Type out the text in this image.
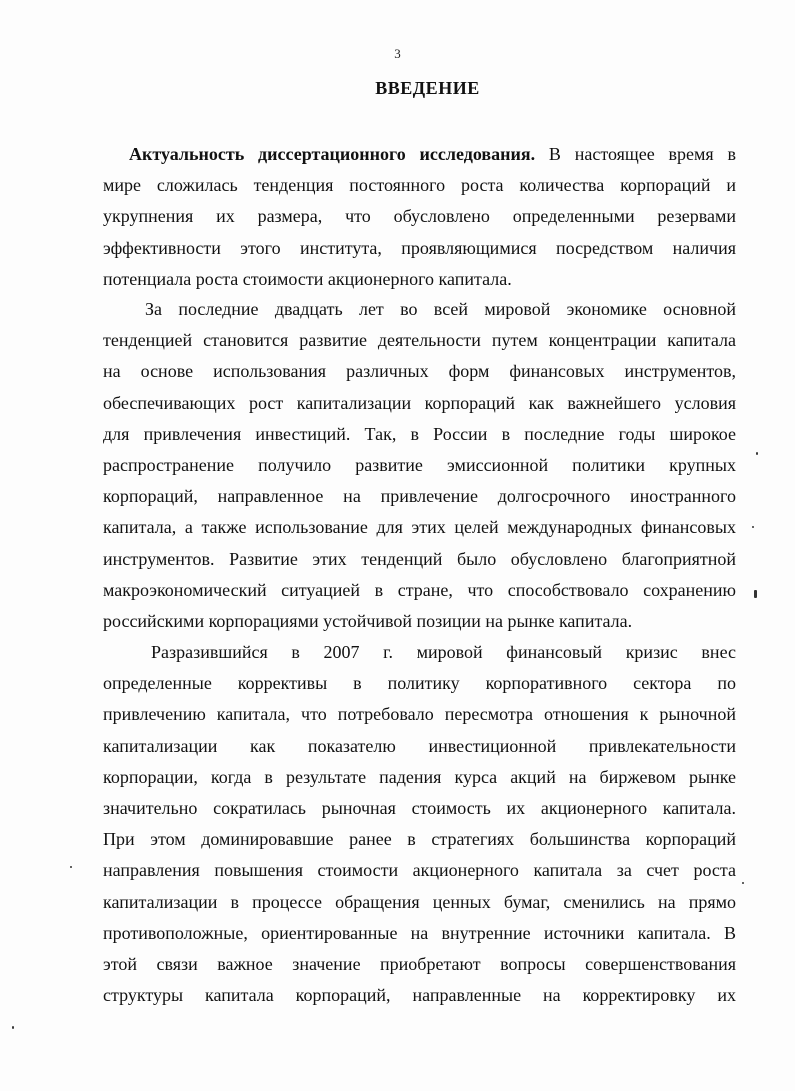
3
ВВЕДЕНИЕ
Актуальность диссертационного исследования. В настоящее время в
мире сложилась тенденция постоянного роста количества корпораций и
укрупнения их размера, что обусловлено определенными резервами
эффективности этого института, проявляющимися посредством наличия
потенциала роста стоимости акционерного капитала.
За последние двадцать лет во всей мировой экономике основной
тенденцией становится развитие деятельности путем концентрации капитала
на основе использования различных форм финансовых инструментов,
обеспечивающих рост капитализации корпораций как важнейшего условия
для привлечения инвестиций. Так, в России в последние годы широкое
распространение получило развитие эмиссионной политики крупных
корпораций, направленное на привлечение долгосрочного иностранного
капитала, а также использование для этих целей международных финансовых
инструментов. Развитие этих тенденций было обусловлено благоприятной
макроэкономический ситуацией в стране, что способствовало сохранению
российскими корпорациями устойчивой позиции на рынке капитала.
Разразившийся в 2007 г. мировой финансовый кризис внес
определенные коррективы в политику корпоративного сектора по
привлечению капитала, что потребовало пересмотра отношения к рыночной
капитализации как показателю инвестиционной привлекательности
корпорации, когда в результате падения курса акций на биржевом рынке
значительно сократилась рыночная стоимость их акционерного капитала.
При этом доминировавшие ранее в стратегиях большинства корпораций
направления повышения стоимости акционерного капитала за счет роста
капитализации в процессе обращения ценных бумаг, сменились на прямо
противоположные, ориентированные на внутренние источники капитала. В
этой связи важное значение приобретают вопросы совершенствования
структуры капитала корпораций, направленные на корректировку их
